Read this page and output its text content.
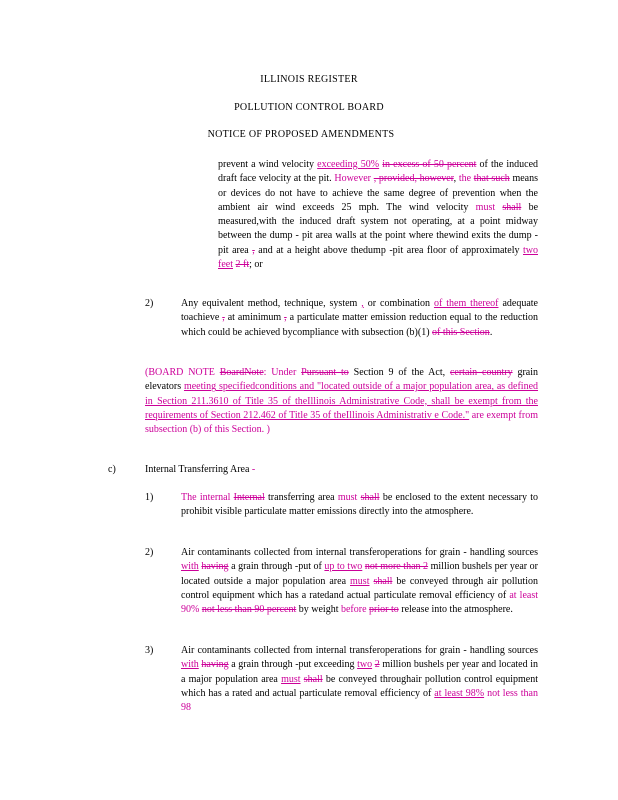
ILLINOIS REGISTER
POLLUTION CONTROL BOARD
NOTICE OF PROPOSED AMENDMENTS
prevent a wind velocity exceeding 50% in excess of 50 percent of the induced draft face velocity at the pit. However , provided, however, the that such means or devices do not have to achieve the same degree of prevention when the ambient air wind exceeds 25 mph. The wind velocity must shall be measured,with the induced draft system not operating, at a point midway between the dump - pit area walls at the point where thewind exits the dump -pit area , and at a height above thedump -pit area floor of approximately two feet 2 ft; or
2)	Any equivalent method, technique, system , or combination of them thereof adequate toachieve , at aminimum , a particulate matter emission reduction equal to the reduction which could be achieved bycompliance with subsection (b)(1) of this Section.
(BOARD NOTE BoardNote: Under Pursuant to Section 9 of the Act, certain country grain elevators meeting specifiedconditions and "located outside of a major population area, as defined in Section 211.3610 of Title 35 of theIllinois Administrative Code, shall be exempt from the requirements of Section 212.462 of Title 35 of theIllinois Administrativ e Code." are exempt from subsection (b) of this Section. )
c)	Internal Transferring Area -
1)	The internal Internal transferring area must shall be enclosed to the extent necessary to prohibit visible particulate matter emissions directly into the atmosphere.
2)	Air contaminants collected from internal transferoperations for grain - handling sources with having a grain through -put of up to two not more than 2 million bushels per year or located outside a major population area must shall be conveyed through air pollution control equipment which has a ratedand actual particulate removal efficiency of at least 90% not less than 90 percent by weight before prior to release into the atmosphere.
3)	Air contaminants collected from internal transferoperations for grain - handling sources with having a grain through -put exceeding two 2 million bushels per year and located in a major population area must shall be conveyed throughair pollution control equipment which has a rated and actual particulate removal efficiency of at least 98% not less than 98
